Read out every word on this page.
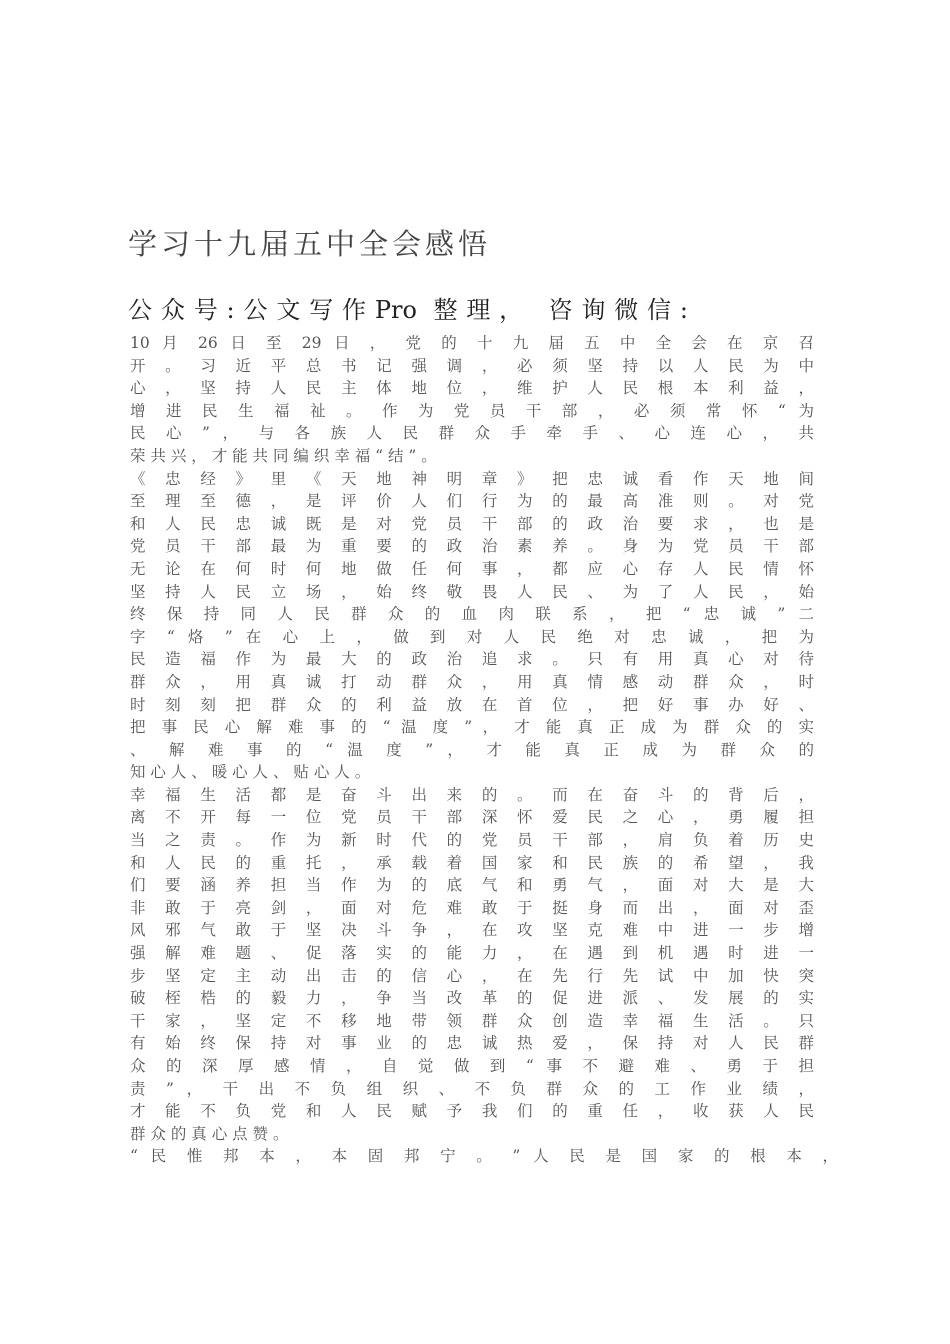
学习十九届五中全会感悟
公众号:公文写作Pro 整理， 咨询微信:
10 月 26 日 至 29 日 ， 党 的 十 九 届 五 中 全 会 在 京 召
开 。 习 近 平 总 书 记 强 调 ， 必 须 坚 持 以 人 民 为 中
心 ， 坚 持 人 民 主 体 地 位 ， 维 护 人 民 根 本 利 益 ，
增 进 民 生 福 祉 。 作 为 党 员 干 部 ， 必 须 常 怀 “ 为
民 心 ” ， 与 各 族 人 民 群 众 手 牵 手 、 心 连 心 ， 共
荣 共 兴 ， 才 能 共 同 编 织 幸 福 “ 结 ” 。
《 忠 经 》 里 《 天 地 神 明 章 》 把 忠 诚 看 作 天 地 间
至 理 至 德 ， 是 评 价 人 们 行 为 的 最 高 准 则 。 对 党
和 人 民 忠 诚 既 是 对 党 员 干 部 的 政 治 要 求 ， 也 是
党 员 干 部 最 为 重 要 的 政 治 素 养 。 身 为 党 员 干 部
无 论 在 何 时 何 地 做 任 何 事 ， 都 应 心 存 人 民 情 怀
坚 持 人 民 立 场 ， 始 终 敬 畏 人 民 、 为 了 人 民 ， 始
终 保 持 同 人 民 群 众 的 血 肉 联 系 ， 把 “ 忠 诚 ” 二
字 “ 烙 ” 在 心 上 ， 做 到 对 人 民 绝 对 忠 诚 ， 把 为
民 造 福 作 为 最 大 的 政 治 追 求 。 只 有 用 真 心 对 待
群 众 ， 用 真 诚 打 动 群 众 ， 用 真 情 感 动 群 众 ， 时
时 刻 刻 把 群 众 的 利 益 放 在 首 位 ， 把 好 事 办 好 、
把 事 民 心 解 难 事 的 “ 温 度 ” ， 才 能 真 正 成 为 群 众 的 实
、 解 难 事 的 “ 温 度 ” ， 才 能 真 正 成 为 群 众 的
知 心 人 、 暖 心 人 、 贴 心 人 。
幸 福 生 活 都 是 奋 斗 出 来 的 。 而 在 奋 斗 的 背 后 ，
离 不 开 每 一 位 党 员 干 部 深 怀 爱 民 之 心 ， 勇 履 担
当 之 责 。 作 为 新 时 代 的 党 员 干 部 ， 肩 负 着 历 史
和 人 民 的 重 托 ， 承 载 着 国 家 和 民 族 的 希 望 ， 我
们 要 涵 养 担 当 作 为 的 底 气 和 勇 气 ， 面 对 大 是 大
非 敢 于 亮 剑 ， 面 对 危 难 敢 于 挺 身 而 出 ， 面 对 歪
风 邪 气 敢 于 坚 决 斗 争 ， 在 攻 坚 克 难 中 进 一 步 增
强 解 难 题 、 促 落 实 的 能 力 ， 在 遇 到 机 遇 时 进 一
步 坚 定 主 动 出 击 的 信 心 ， 在 先 行 先 试 中 加 快 突
破 桎 梏 的 毅 力 ， 争 当 改 革 的 促 进 派 、 发 展 的 实
干 家 ， 坚 定 不 移 地 带 领 群 众 创 造 幸 福 生 活 。 只
有 始 终 保 持 对 事 业 的 忠 诚 热 爱 ， 保 持 对 人 民 群
众 的 深 厚 感 情 ， 自 觉 做 到 “ 事 不 避 难 、 勇 于 担
责 ” ， 干 出 不 负 组 织 、 不 负 群 众 的 工 作 业 绩 ，
才 能 不 负 党 和 人 民 赋 予 我 们 的 重 任 ， 收 获 人 民
群 众 的 真 心 点 赞 。
“ 民 惟 邦 本 ， 本 固 邦 宁 。 ” 人 民 是 国 家 的 根 本 ，
